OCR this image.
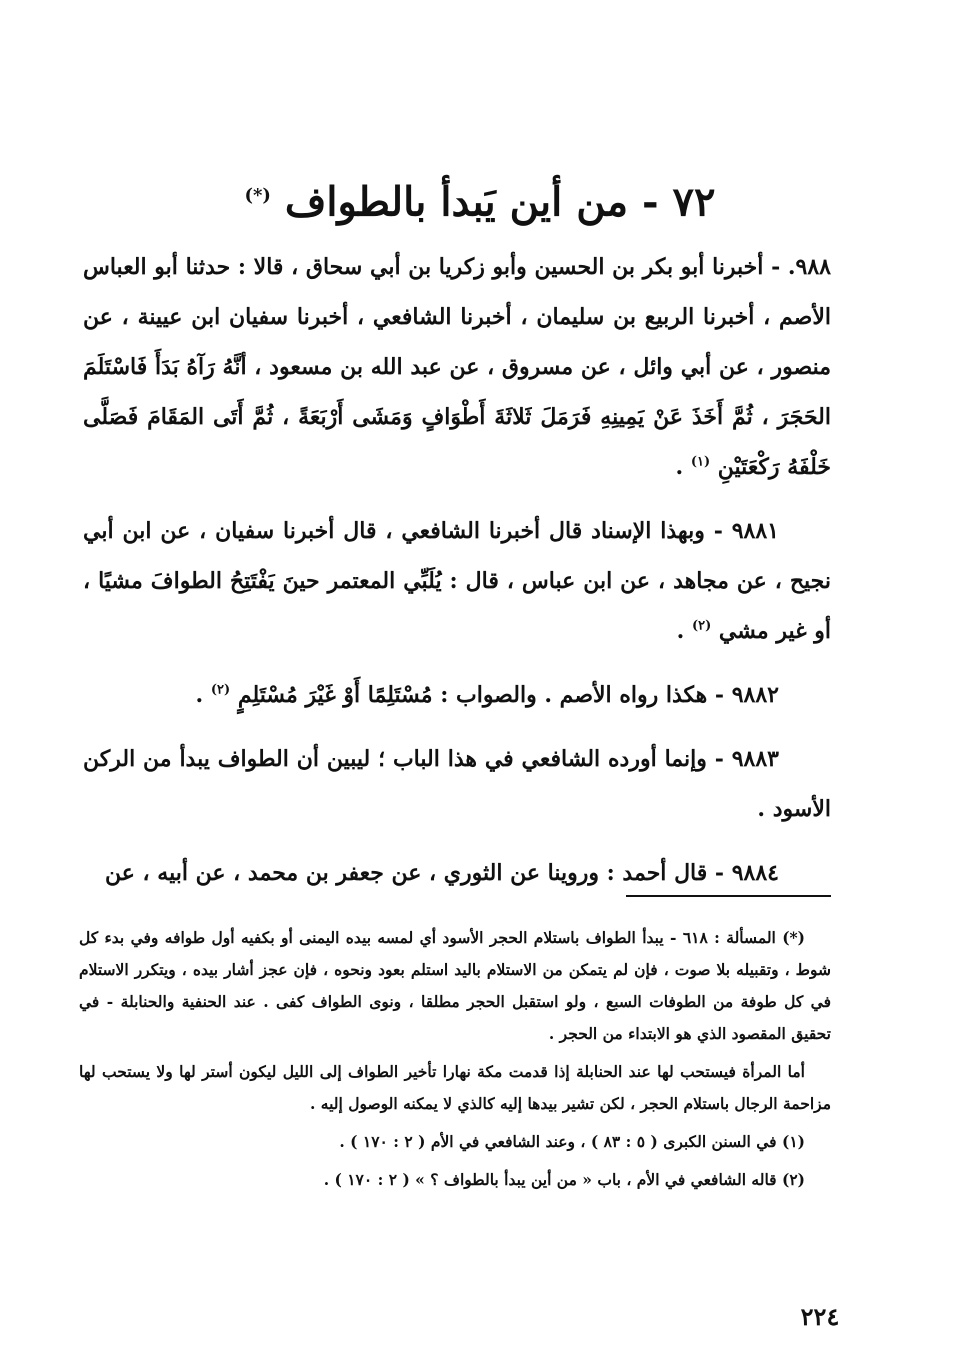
٧٢ - من أين يَبدأ بالطواف (*)

٩٨٨. - أخبرنا أبو بكر بن الحسين وأبو زكريا بن أبي سحاق ، قالا : حدثنا أبو العباس الأصم ، أخبرنا الربيع بن سليمان ، أخبرنا الشافعي ، أخبرنا سفيان ابن عيينة ، عن منصور ، عن أبي وائل ، عن مسروق ، عن عبد الله بن مسعود ، أنَّهُ رَآهُ بَدَأَ فَاسْتَلَمَ الحَجَرَ ، ثُمَّ أَخَذَ عَنْ يَمِينِهِ فَرَمَلَ ثَلاثَةَ أَطْوَافٍ وَمَشَى أَرْبَعَةً ، ثُمَّ أَتَى المَقَامَ فَصَلَّى خَلْفَهُ رَكْعَتَيْنِ $^{(١)}$ .

٩٨٨١ - وبهذا الإسناد قال أخبرنا الشافعي ، قال أخبرنا سفيان ، عن ابن أبي نجيح ، عن مجاهد ، عن ابن عباس ، قال : يُلَبِّي المعتمر حينَ يَفْتَتِحُ الطوافَ مشيًا ، أو غير مشي $^{(٢)}$ .

٩٨٨٢ - هكذا رواه الأصم . والصواب : مُسْتَلِمًا أَوْ غَيْرَ مُسْتَلِمٍ $^{(٢)}$ .

٩٨٨٣ - وإنما أورده الشافعي في هذا الباب ؛ ليبين أن الطواف يبدأ من الركن الأسود .

٩٨٨٤ - قال أحمد : وروينا عن الثوري ، عن جعفر بن محمد ، عن أبيه ، عن

(*) المسألة : ٦١٨ - يبدأ الطواف باستلام الحجر الأسود أي لمسه بيده اليمنى أو بكفيه أول طوافه وفي بدء كل شوط ، وتقبيله بلا صوت ، فإن لم يتمكن من الاستلام باليد استلم بعود ونحوه ، فإن عجز أشار بيده ، ويتكرر الاستلام في كل طوفة من الطوفات السبع ، ولو استقبل الحجر مطلقا ، ونوى الطواف كفى . عند الحنفية والحنابلة - في تحقيق المقصود الذي هو الابتداء من الحجر .

أما المرأة فيستحب لها عند الحنابلة إذا قدمت مكة نهارا تأخير الطواف إلى الليل ليكون أستر لها ولا يستحب لها مزاحمة الرجال باستلام الحجر ، لكن تشير بيدها إليه كالذي لا يمكنه الوصول إليه .

(١) في السنن الكبرى ( ٥ : ٨٣ ) ، وعند الشافعي في الأم ( ٢ : ١٧٠ ) .

(٢) قاله الشافعي في الأم ، باب « من أين يبدأ بالطواف ؟ » ( ٢ : ١٧٠ ) .

٢٢٤
